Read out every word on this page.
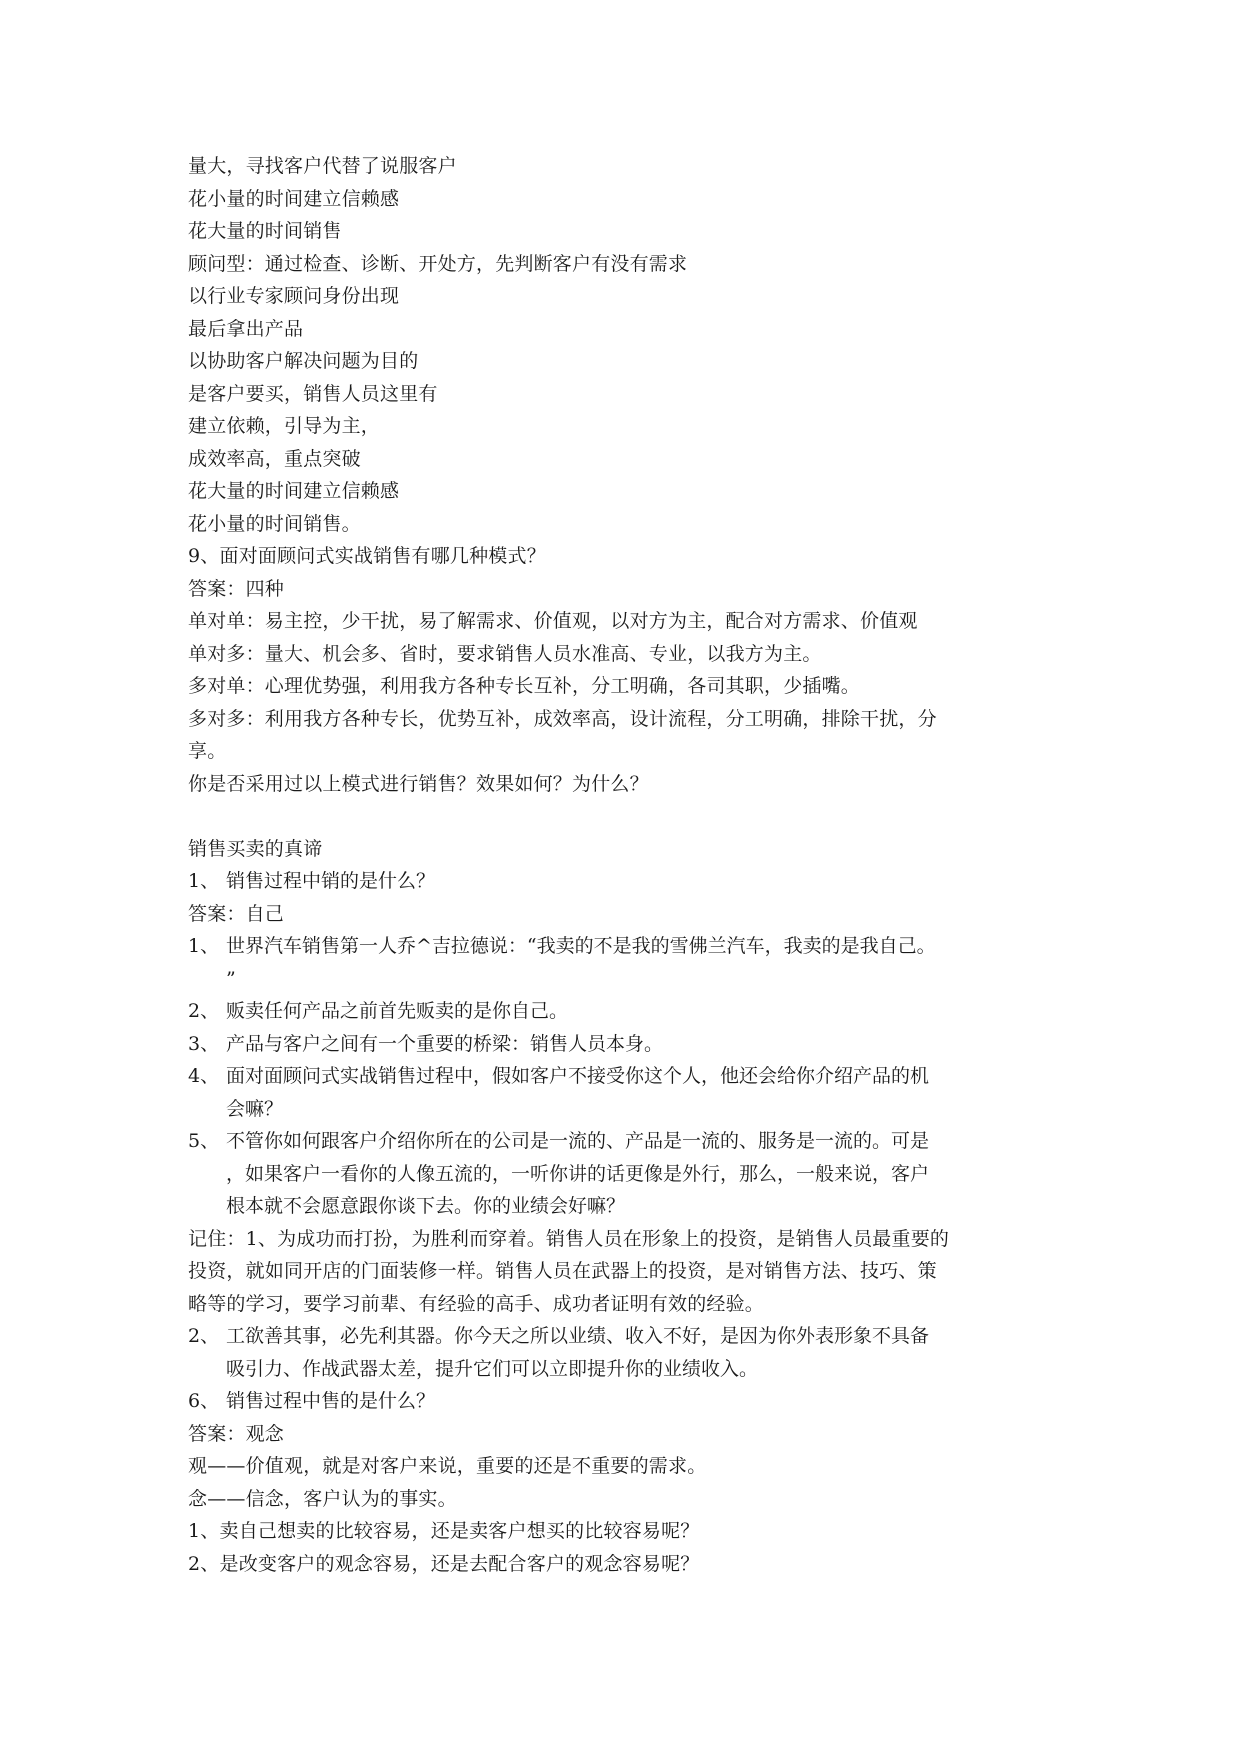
量大，寻找客户代替了说服客户
花小量的时间建立信赖感
花大量的时间销售
顾问型：通过检查、诊断、开处方，先判断客户有没有需求
以行业专家顾问身份出现
最后拿出产品
以协助客户解决问题为目的
是客户要买，销售人员这里有
建立依赖，引导为主，
成效率高，重点突破
花大量的时间建立信赖感
花小量的时间销售。
9、面对面顾问式实战销售有哪几种模式？
答案：四种
单对单：易主控，少干扰，易了解需求、价值观，以对方为主，配合对方需求、价值观
单对多：量大、机会多、省时，要求销售人员水准高、专业，以我方为主。
多对单：心理优势强，利用我方各种专长互补，分工明确，各司其职，少插嘴。
多对多：利用我方各种专长，优势互补，成效率高，设计流程，分工明确，排除干扰，分
享。
你是否采用过以上模式进行销售？效果如何？为什么？
销售买卖的真谛
1、 销售过程中销的是什么？
答案：自己
1、 世界汽车销售第一人乔^吉拉德说：“我卖的不是我的雪佛兰汽车，我卖的是我自己。
”
2、 贩卖任何产品之前首先贩卖的是你自己。
3、 产品与客户之间有一个重要的桥梁：销售人员本身。
4、 面对面顾问式实战销售过程中，假如客户不接受你这个人，他还会给你介绍产品的机
会嘛？
5、 不管你如何跟客户介绍你所在的公司是一流的、产品是一流的、服务是一流的。可是
，如果客户一看你的人像五流的，一听你讲的话更像是外行，那么，一般来说，客户
根本就不会愿意跟你谈下去。你的业绩会好嘛？
记住：1、为成功而打扮，为胜利而穿着。销售人员在形象上的投资，是销售人员最重要的
投资，就如同开店的门面装修一样。销售人员在武器上的投资，是对销售方法、技巧、策
略等的学习，要学习前辈、有经验的高手、成功者证明有效的经验。
2、 工欲善其事，必先利其器。你今天之所以业绩、收入不好，是因为你外表形象不具备
吸引力、作战武器太差，提升它们可以立即提升你的业绩收入。
6、 销售过程中售的是什么？
答案：观念
观——价值观，就是对客户来说，重要的还是不重要的需求。
念——信念，客户认为的事实。
1、卖自己想卖的比较容易，还是卖客户想买的比较容易呢？
2、是改变客户的观念容易，还是去配合客户的观念容易呢？
